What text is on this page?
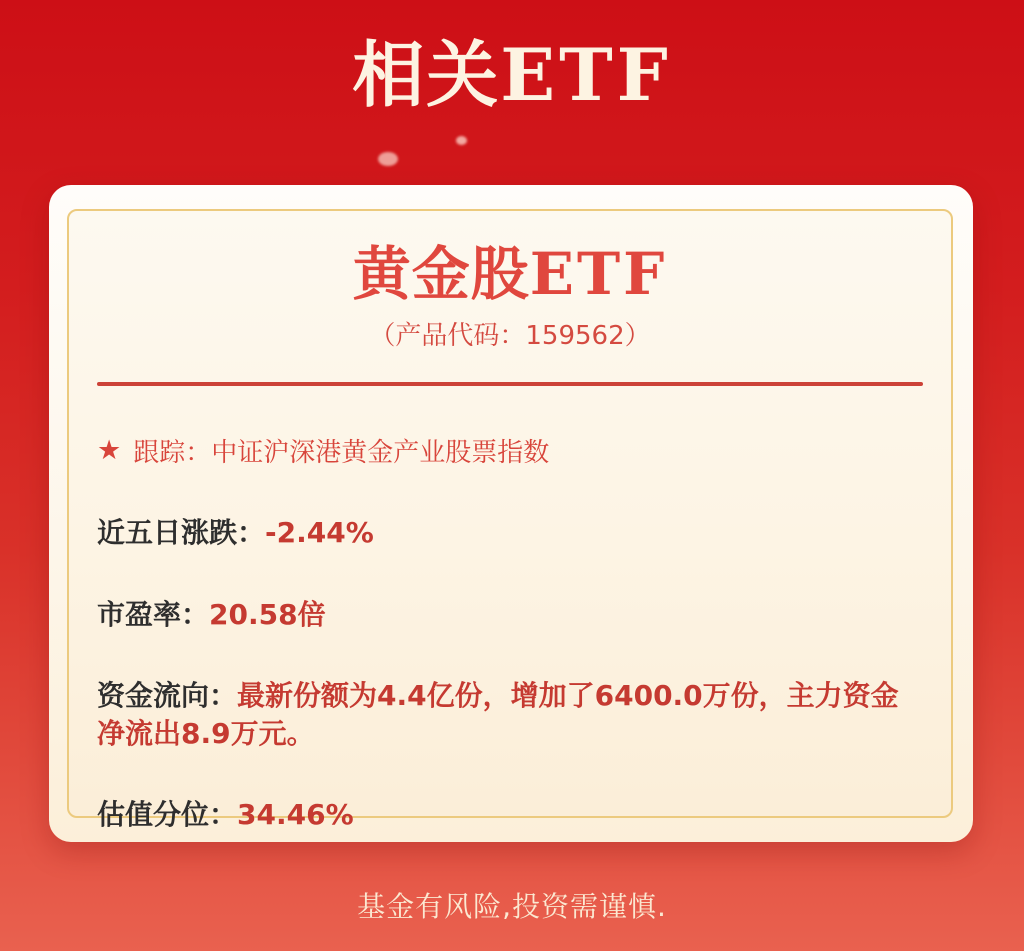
相关ETF
黄金股ETF
（产品代码：159562）
★ 跟踪： 中证沪深港黄金产业股票指数
近五日涨跌：-2.44%
市盈率：20.58倍
资金流向：最新份额为4.4亿份，增加了6400.0万份，主力资金净流出8.9万元。
估值分位：34.46%
基金有风险,投资需谨慎.
